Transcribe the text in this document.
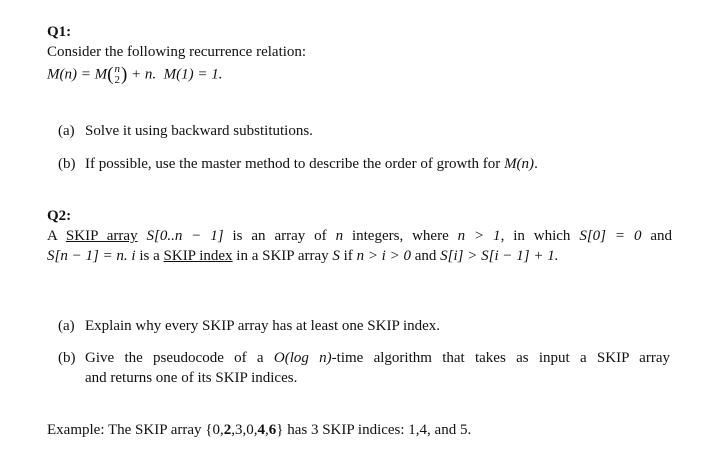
Q1:
Consider the following recurrence relation:
M(n) = M( n
2 ) + n. M(1) = 1.
(a) Solve it using backward substitutions.
(b) If possible, use the master method to describe the order of growth for M(n).
Q2:
A SKIP array S[0..n − 1] is an array of n integers, where n > 1, in which S[0] = 0 and
S[n − 1] = n. i is a SKIP index in a SKIP array S if n > i > 0 and S[i] > S[i − 1] + 1.
(a) Explain why every SKIP array has at least one SKIP index.
(b) Give the pseudocode of a O(log n)-time algorithm that takes as input a SKIP array
and returns one of its SKIP indices.
Example: The SKIP array {0,2,3,0,4,6} has 3 SKIP indices: 1,4, and 5.
